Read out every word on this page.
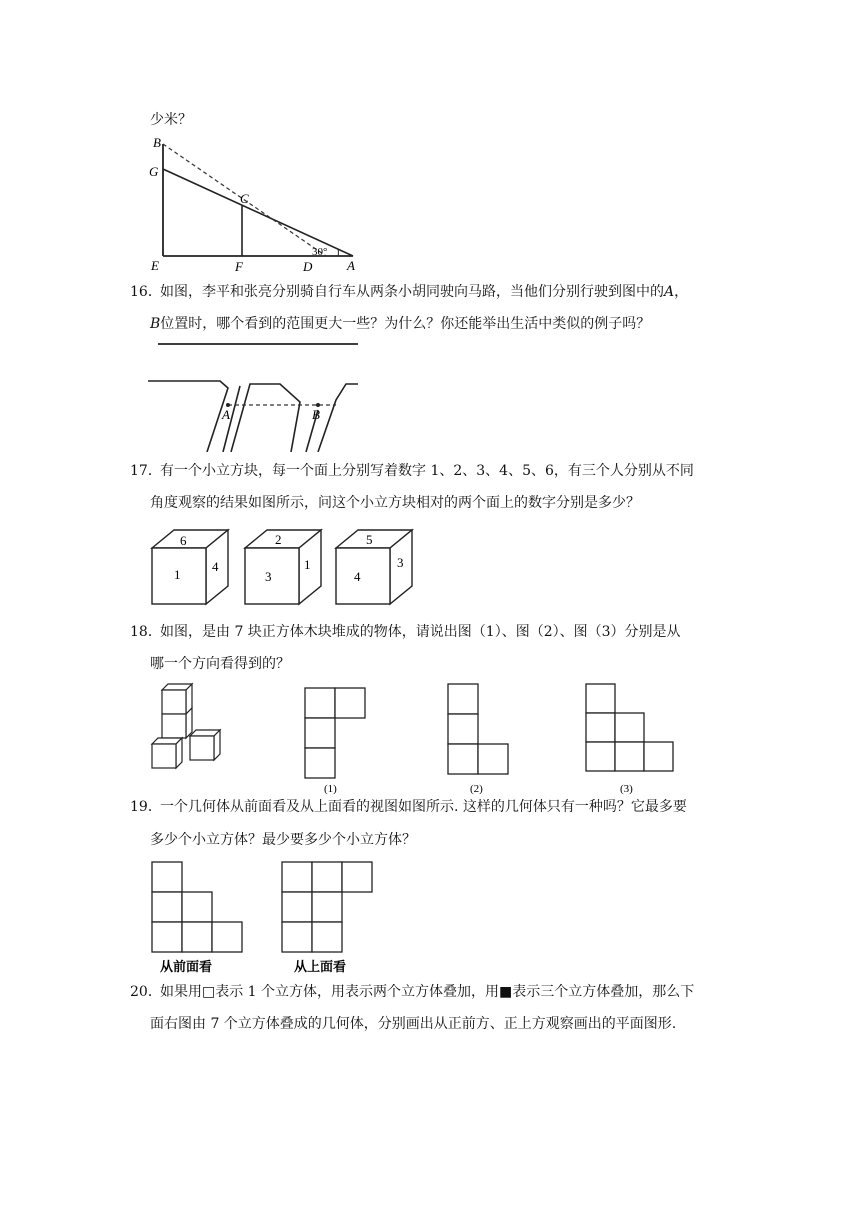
少米？
B
G
C
E	F	D	A
30°
16．
如图，李平和张亮分别骑自行车从两条小胡同驶向马路，当他们分别行驶到图中的A，
B位置时，哪个看到的范围更大一些？为什么？你还能举出生活中类似的例子吗？
A	B
17．
有一个小立方块，每一个面上分别写着数字 1、2、3、4、5、6，有三个人分别从不同
角度观察的结果如图所示，问这个小立方块相对的两个面上的数字分别是多少？
6
1
4
2
3
1
5
4
3
18．
如图，是由 7 块正方体木块堆成的物体，请说出图（1）、图（2）、图（3）分别是从
哪一个方向看得到的？
(1)	(2)	(3)
19．
一个几何体从前面看及从上面看的视图如图所示. 这样的几何体只有一种吗？它最多要
多少个小立方体？最少要多少个小立方体？
从前面看	从上面看
20．
如果用□表示 1 个立方体，用表示两个立方体叠加，用■表示三个立方体叠加，那么下
面右图由 7 个立方体叠成的几何体，分别画出从正前方、正上方观察画出的平面图形.
